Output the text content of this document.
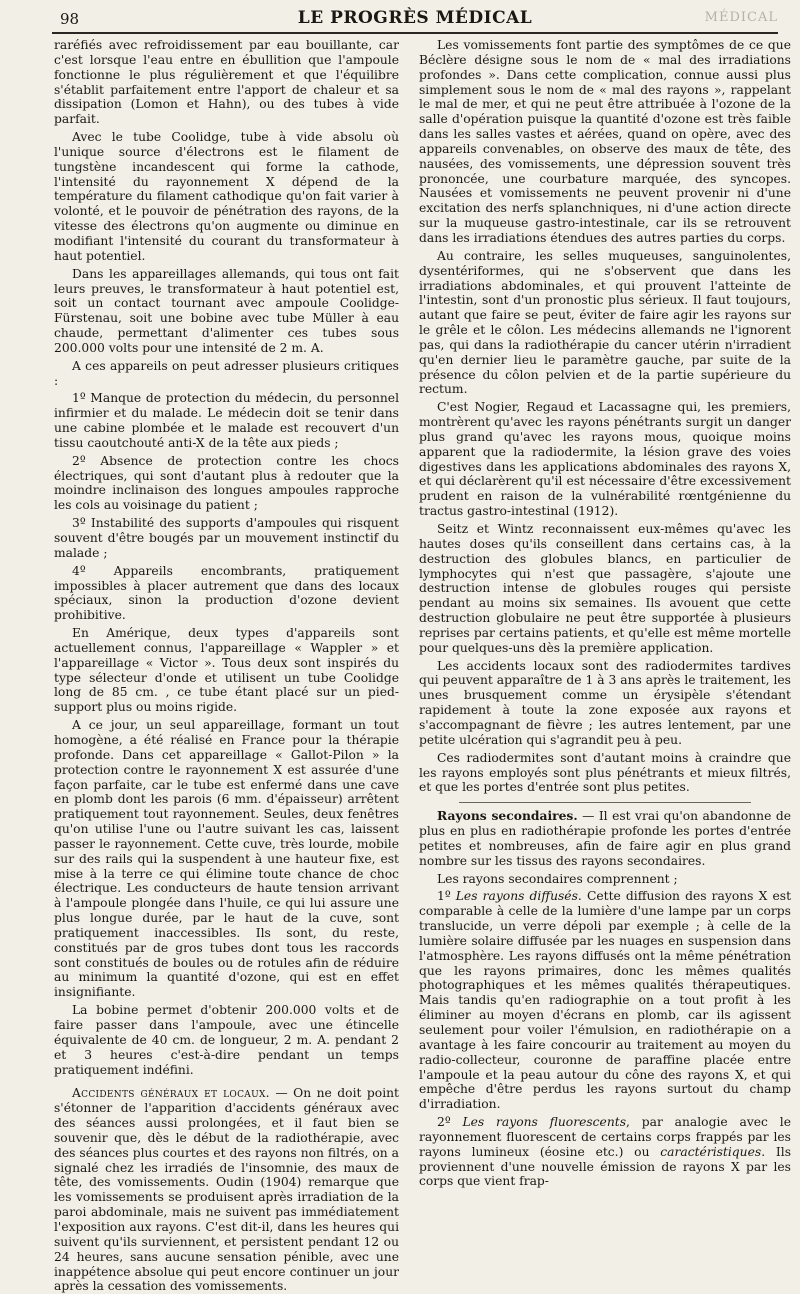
98	LE PROGRÈS MÉDICAL	MÉDICAL

raréfiés avec refroidissement par eau bouillante, car c'est lorsque l'eau entre en ébullition que l'ampoule fonctionne le plus régulièrement et que l'équilibre s'établit parfaitement entre l'apport de chaleur et sa dissipation (Lomon et Hahn), ou des tubes à vide parfait.

Avec le tube Coolidge, tube à vide absolu où l'unique source d'électrons est le filament de tungstène incandescent qui forme la cathode, l'intensité du rayonnement X dépend de la température du filament cathodique qu'on fait varier à volonté, et le pouvoir de pénétration des rayons, de la vitesse des électrons qu'on augmente ou diminue en modifiant l'intensité du courant du transformateur à haut potentiel.

Dans les appareillages allemands, qui tous ont fait leurs preuves, le transformateur à haut potentiel est, soit un contact tournant avec ampoule Coolidge-Fürstenau, soit une bobine avec tube Müller à eau chaude, permettant d'alimenter ces tubes sous 200.000 volts pour une intensité de 2 m. A.

A ces appareils on peut adresser plusieurs critiques :

1º Manque de protection du médecin, du personnel infirmier et du malade. Le médecin doit se tenir dans une cabine plombée et le malade est recouvert d'un tissu caoutchouté anti-X de la tête aux pieds ;

2º Absence de protection contre les chocs électriques, qui sont d'autant plus à redouter que la moindre inclinaison des longues ampoules rapproche les cols au voisinage du patient ;

3º Instabilité des supports d'ampoules qui risquent souvent d'être bougés par un mouvement instinctif du malade ;

4º Appareils encombrants, pratiquement impossibles à placer autrement que dans des locaux spéciaux, sinon la production d'ozone devient prohibitive.

En Amérique, deux types d'appareils sont actuellement connus, l'appareillage « Wappler » et l'appareillage « Victor ». Tous deux sont inspirés du type sélecteur d'onde et utilisent un tube Coolidge long de 85 cm. , ce tube étant placé sur un pied-support plus ou moins rigide.

A ce jour, un seul appareillage, formant un tout homogène, a été réalisé en France pour la thérapie profonde. Dans cet appareillage « Gallot-Pilon » la protection contre le rayonnement X est assurée d'une façon parfaite, car le tube est enfermé dans une cave en plomb dont les parois (6 mm. d'épaisseur) arrêtent pratiquement tout rayonnement. Seules, deux fenêtres qu'on utilise l'une ou l'autre suivant les cas, laissent passer le rayonnement. Cette cuve, très lourde, mobile sur des rails qui la suspendent à une hauteur fixe, est mise à la terre ce qui élimine toute chance de choc électrique. Les conducteurs de haute tension arrivant à l'ampoule plongée dans l'huile, ce qui lui assure une plus longue durée, par le haut de la cuve, sont pratiquement inaccessibles. Ils sont, du reste, constitués par de gros tubes dont tous les raccords sont constitués de boules ou de rotules afin de réduire au minimum la quantité d'ozone, qui est en effet insignifiante.

La bobine permet d'obtenir 200.000 volts et de faire passer dans l'ampoule, avec une étincelle équivalente de 40 cm. de longueur, 2 m. A. pendant 2 et 3 heures c'est-à-dire pendant un temps pratiquement indéfini.

Accidents généraux et locaux. — On ne doit point s'étonner de l'apparition d'accidents généraux avec des séances aussi prolongées, et il faut bien se souvenir que, dès le début de la radiothérapie, avec des séances plus courtes et des rayons non filtrés, on a signalé chez les irradiés de l'insomnie, des maux de tête, des vomissements. Oudin (1904) remarque que les vomissements se produisent après irradiation de la paroi abdominale, mais ne suivent pas immédiatement l'exposition aux rayons. C'est dit-il, dans les heures qui suivent qu'ils surviennent, et persistent pendant 12 ou 24 heures, sans aucune sensation pénible, avec une inappétence absolue qui peut encore continuer un jour après la cessation des vomissements.

Les vomissements font partie des symptômes de ce que Béclère désigne sous le nom de « mal des irradiations profondes ». Dans cette complication, connue aussi plus simplement sous le nom de « mal des rayons », rappelant le mal de mer, et qui ne peut être attribuée à l'ozone de la salle d'opération puisque la quantité d'ozone est très faible dans les salles vastes et aérées, quand on opère, avec des appareils convenables, on observe des maux de tête, des nausées, des vomissements, une dépression souvent très prononcée, une courbature marquée, des syncopes. Nausées et vomissements ne peuvent provenir ni d'une excitation des nerfs splanchniques, ni d'une action directe sur la muqueuse gastro-intestinale, car ils se retrouvent dans les irradiations étendues des autres parties du corps.

Au contraire, les selles muqueuses, sanguinolentes, dysentériformes, qui ne s'observent que dans les irradiations abdominales, et qui prouvent l'atteinte de l'intestin, sont d'un pronostic plus sérieux. Il faut toujours, autant que faire se peut, éviter de faire agir les rayons sur le grêle et le côlon. Les médecins allemands ne l'ignorent pas, qui dans la radiothérapie du cancer utérin n'irradient qu'en dernier lieu le paramètre gauche, par suite de la présence du côlon pelvien et de la partie supérieure du rectum.

C'est Nogier, Regaud et Lacassagne qui, les premiers, montrèrent qu'avec les rayons pénétrants surgit un danger plus grand qu'avec les rayons mous, quoique moins apparent que la radiodermite, la lésion grave des voies digestives dans les applications abdominales des rayons X, et qui déclarèrent qu'il est nécessaire d'être excessivement prudent en raison de la vulnérabilité rœntgénienne du tractus gastro-intestinal (1912).

Seitz et Wintz reconnaissent eux-mêmes qu'avec les hautes doses qu'ils conseillent dans certains cas, à la destruction des globules blancs, en particulier de lymphocytes qui n'est que passagère, s'ajoute une destruction intense de globules rouges qui persiste pendant au moins six semaines. Ils avouent que cette destruction globulaire ne peut être supportée à plusieurs reprises par certains patients, et qu'elle est même mortelle pour quelques-uns dès la première application.

Les accidents locaux sont des radiodermites tardives qui peuvent apparaître de 1 à 3 ans après le traitement, les unes brusquement comme un érysipèle s'étendant rapidement à toute la zone exposée aux rayons et s'accompagnant de fièvre ; les autres lentement, par une petite ulcération qui s'agrandit peu à peu.

Ces radiodermites sont d'autant moins à craindre que les rayons employés sont plus pénétrants et mieux filtrés, et que les portes d'entrée sont plus petites.

Rayons secondaires. — Il est vrai qu'on abandonne de plus en plus en radiothérapie profonde les portes d'entrée petites et nombreuses, afin de faire agir en plus grand nombre sur les tissus des rayons secondaires.

Les rayons secondaires comprennent ;

1º Les rayons diffusés. Cette diffusion des rayons X est comparable à celle de la lumière d'une lampe par un corps translucide, un verre dépoli par exemple ; à celle de la lumière solaire diffusée par les nuages en suspension dans l'atmosphère. Les rayons diffusés ont la même pénétration que les rayons primaires, donc les mêmes qualités photographiques et les mêmes qualités thérapeutiques. Mais tandis qu'en radiographie on a tout profit à les éliminer au moyen d'écrans en plomb, car ils agissent seulement pour voiler l'émulsion, en radiothérapie on a avantage à les faire concourir au traitement au moyen du radio-collecteur, couronne de paraffine placée entre l'ampoule et la peau autour du cône des rayons X, et qui empêche d'être perdus les rayons surtout du champ d'irradiation.

2º Les rayons fluorescents, par analogie avec le rayonnement fluorescent de certains corps frappés par les rayons lumineux (éosine etc.) ou caractéristiques. Ils proviennent d'une nouvelle émission de rayons X par les corps que vient frap-
